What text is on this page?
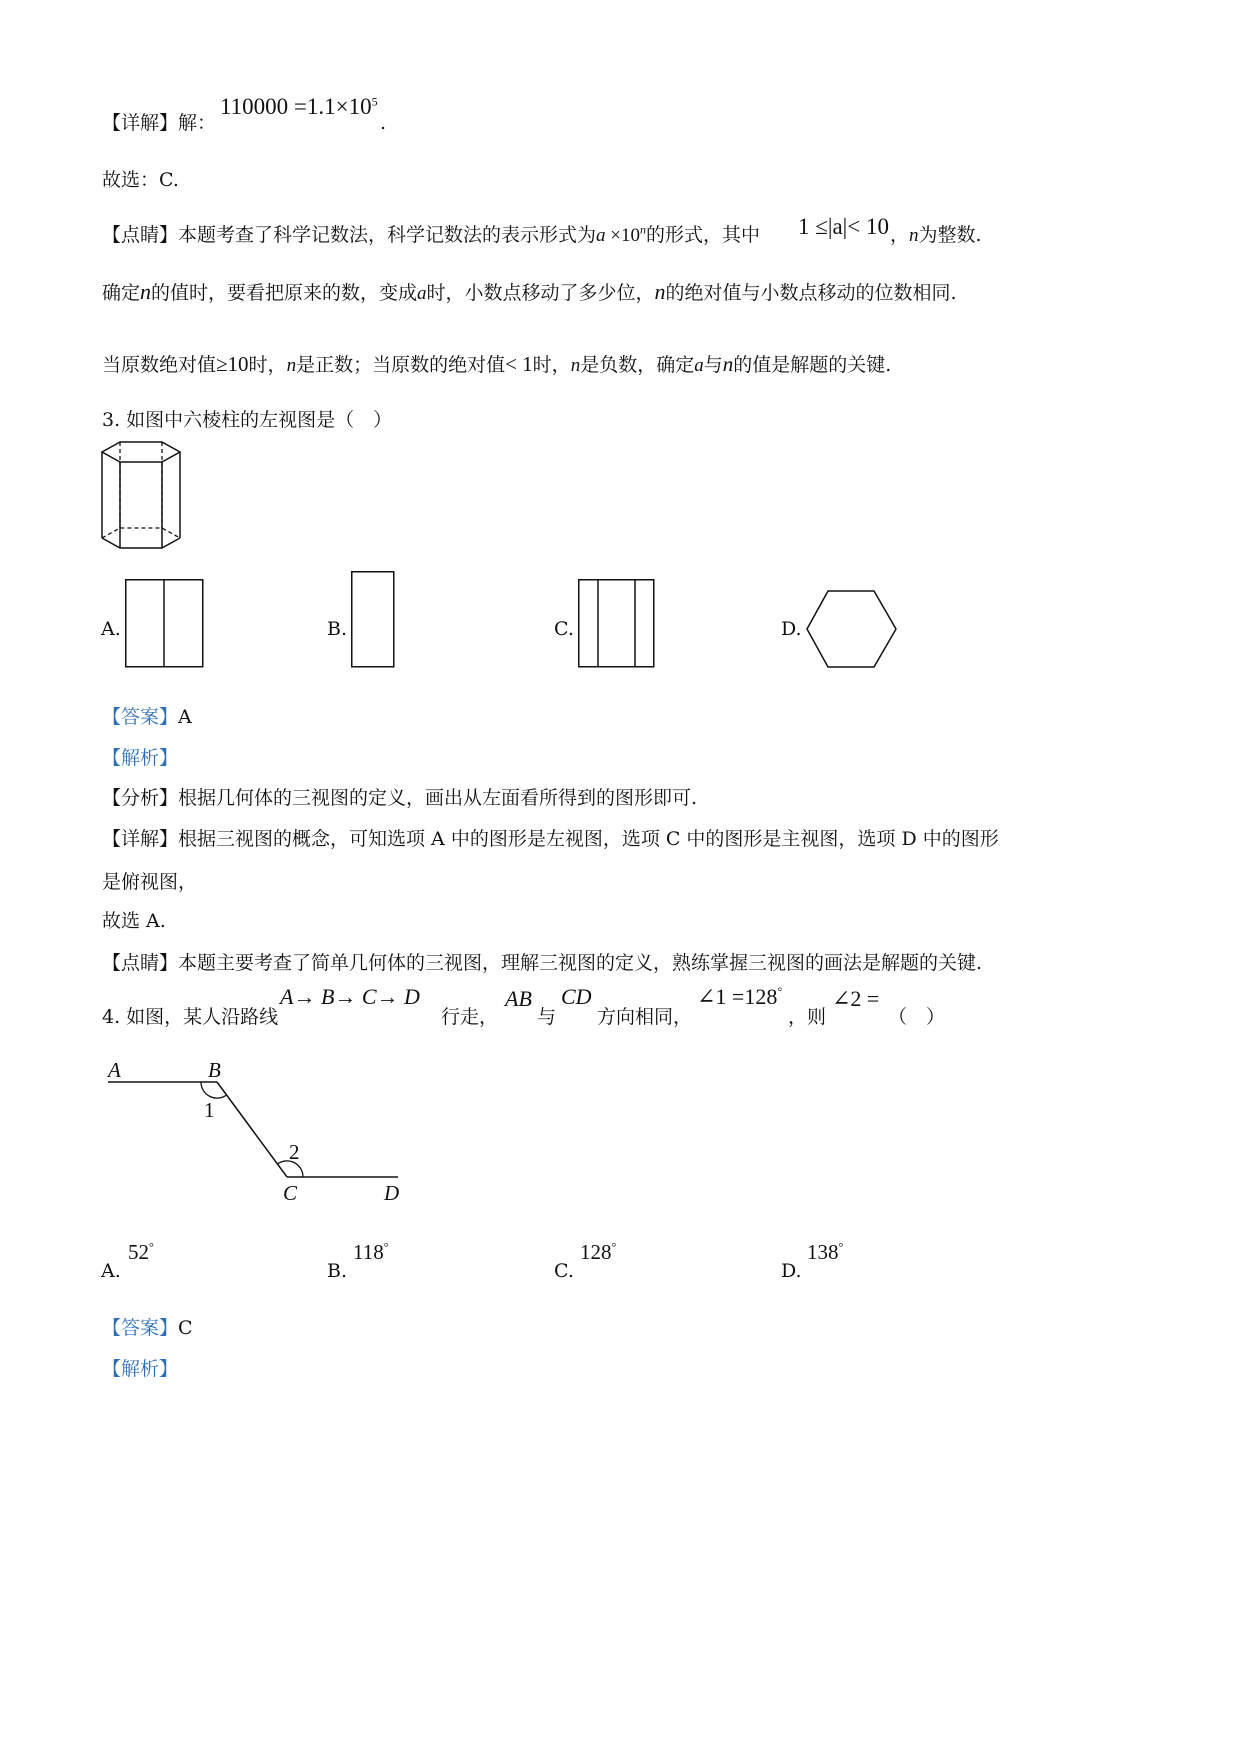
【详解】解：
$110000 =1.1\times 10^5$
.
故选：C.
【点睛】本题考查了科学记数法，科学记数法的表示形式为$a \times 10^n$的形式，其中 1 ≤|a|< 10 ，n为整数.
确定n的值时，要看把原来的数，变成a时，小数点移动了多少位，n的绝对值与小数点移动的位数相同.
当原数绝对值≥10时，n是正数；当原数的绝对值< 1时，n是负数，确定a与n的值是解题的关键.
3. 如图中六棱柱的左视图是（　）
A.	B.	C.	D.
【答案】A
【解析】
【分析】根据几何体的三视图的定义，画出从左面看所得到的图形即可.
【详解】根据三视图的概念，可知选项 A 中的图形是左视图，选项 C 中的图形是主视图，选项 D 中的图形
是俯视图，
故选 A.
【点睛】本题主要考查了简单几何体的三视图，理解三视图的定义，熟练掌握三视图的画法是解题的关键.
4. 如图，某人沿路线
A→ B→ C→ D
行走，
AB
与
CD
方向相同，
∠1 =128°
，则
∠2 =
（　）
A	B
C	D
1
2
A.
52°
B.
118°
C.
128°
D.
138°
【答案】C
【解析】
